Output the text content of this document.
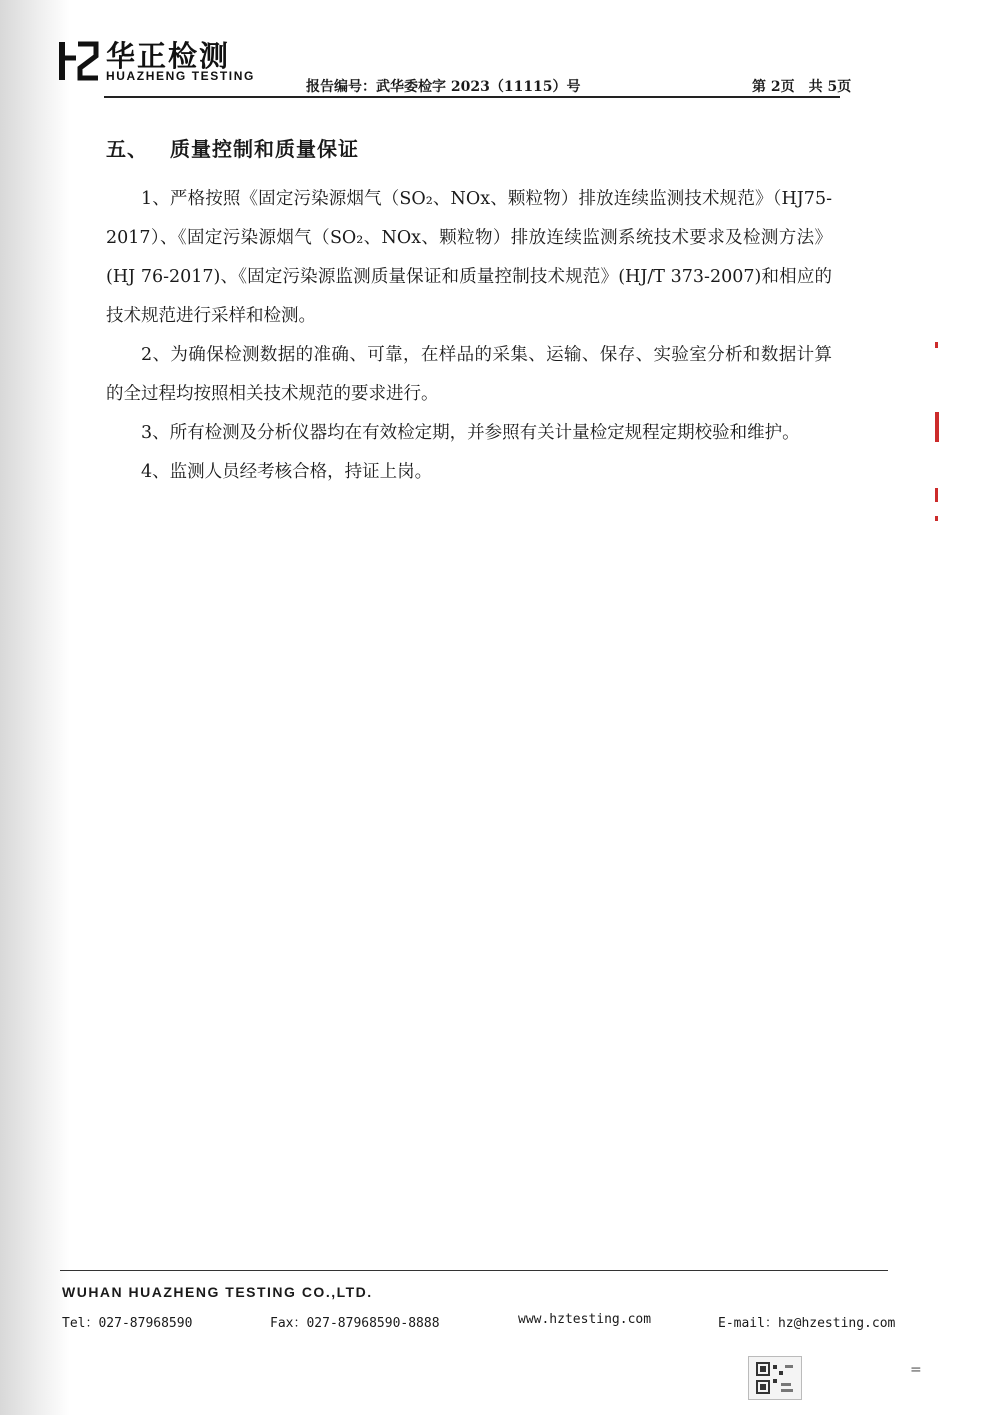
华正检测
HUAZHENG TESTING
报告编号：武华委检字 2023（11115）号	第 2页 共 5页
五、 质量控制和质量保证

1、严格按照《固定污染源烟气（SO₂、NOx、颗粒物）排放连续监测技术规范》（HJ75-2017）、《固定污染源烟气（SO₂、NOx、颗粒物）排放连续监测系统技术要求及检测方法》(HJ 76-2017)、《固定污染源监测质量保证和质量控制技术规范》(HJ/T 373-2007)和相应的技术规范进行采样和检测。

2、为确保检测数据的准确、可靠，在样品的采集、运输、保存、实验室分析和数据计算的全过程均按照相关技术规范的要求进行。

3、所有检测及分析仪器均在有效检定期，并参照有关计量检定规程定期校验和维护。

4、监测人员经考核合格，持证上岗。

WUHAN HUAZHENG TESTING CO.,LTD.
Tel：027-87968590	Fax：027-87968590-8888	www.hztesting.com	E-mail：hz@hzesting.com
=
